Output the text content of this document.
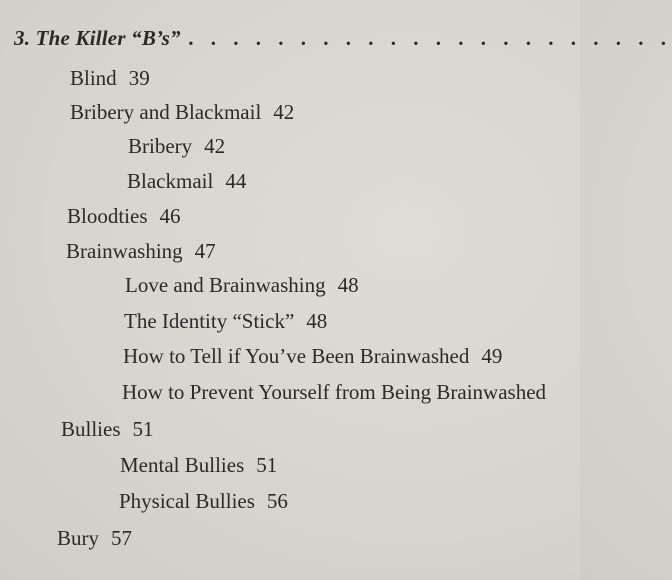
3. The Killer “B’s” . . . . . . . . . . . . . . . . . . . . . .
Blind 39
Bribery and Blackmail 42
Bribery 42
Blackmail 44
Bloodties 46
Brainwashing 47
Love and Brainwashing 48
The Identity “Stick” 48
How to Tell if You’ve Been Brainwashed 49
How to Prevent Yourself from Being Brainwashed
Bullies 51
Mental Bullies 51
Physical Bullies 56
Bury 57
